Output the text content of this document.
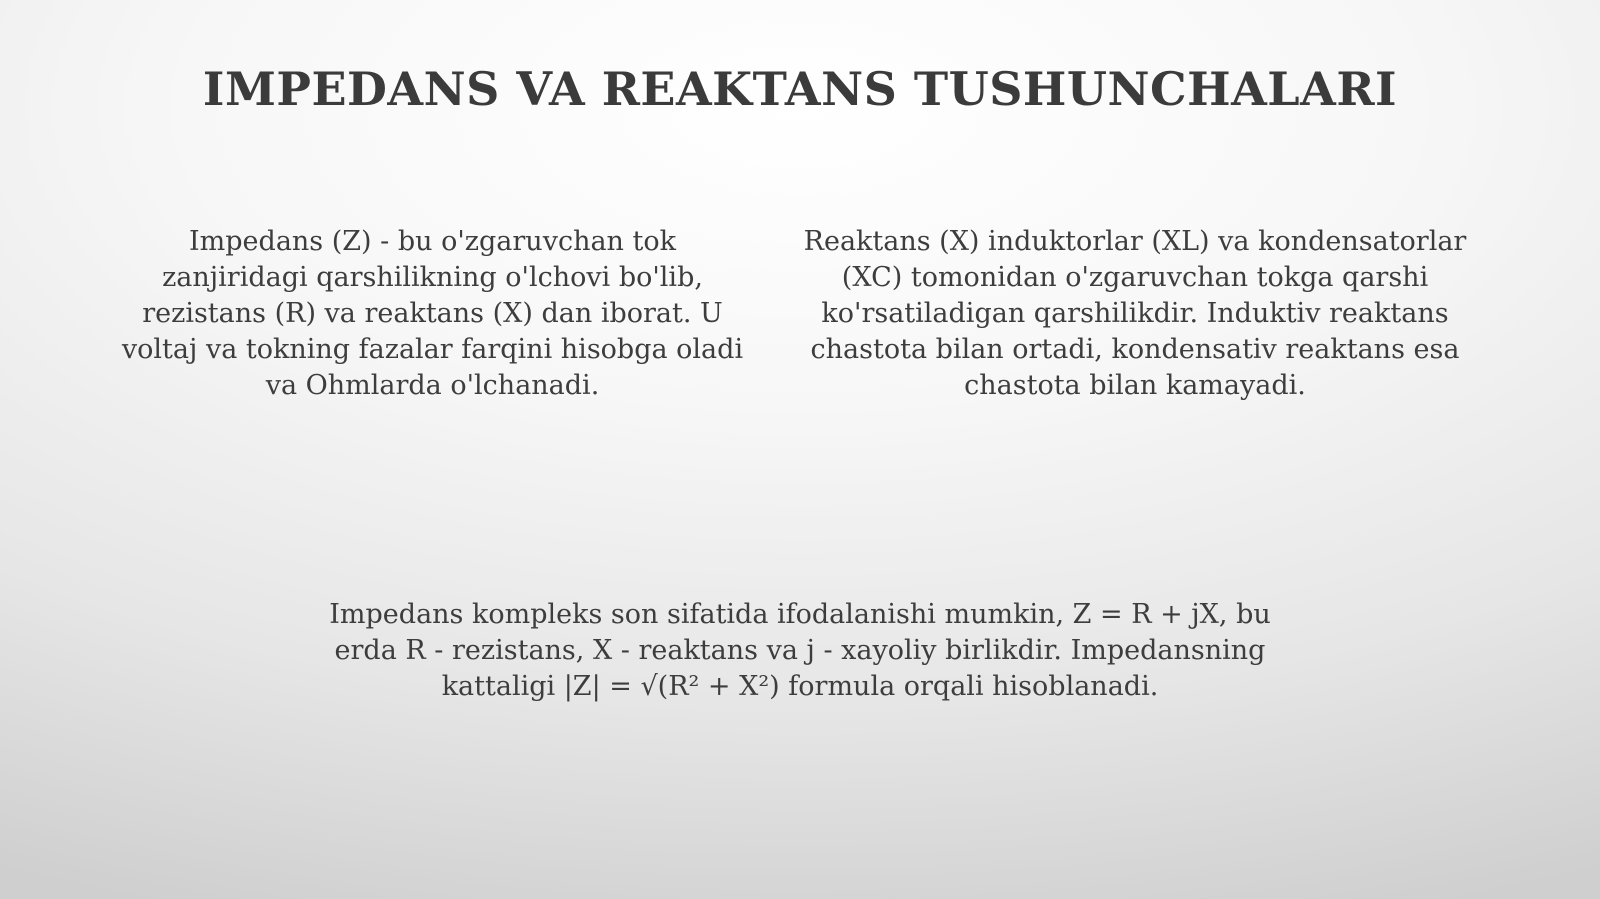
IMPEDANS VA REAKTANS TUSHUNCHALARI

Impedans (Z) - bu o'zgaruvchan tok zanjiridagi qarshilikning o'lchovi bo'lib, rezistans (R) va reaktans (X) dan iborat. U voltaj va tokning fazalar farqini hisobga oladi va Ohmlarda o'lchanadi.

Reaktans (X) induktorlar (XL) va kondensatorlar (XC) tomonidan o'zgaruvchan tokga qarshi ko'rsatiladigan qarshilikdir. Induktiv reaktans chastota bilan ortadi, kondensativ reaktans esa chastota bilan kamayadi.

Impedans kompleks son sifatida ifodalanishi mumkin, Z = R + jX, bu erda R - rezistans, X - reaktans va j - xayoliy birlikdir. Impedansning kattaligi |Z| = √(R² + X²) formula orqali hisoblanadi.
